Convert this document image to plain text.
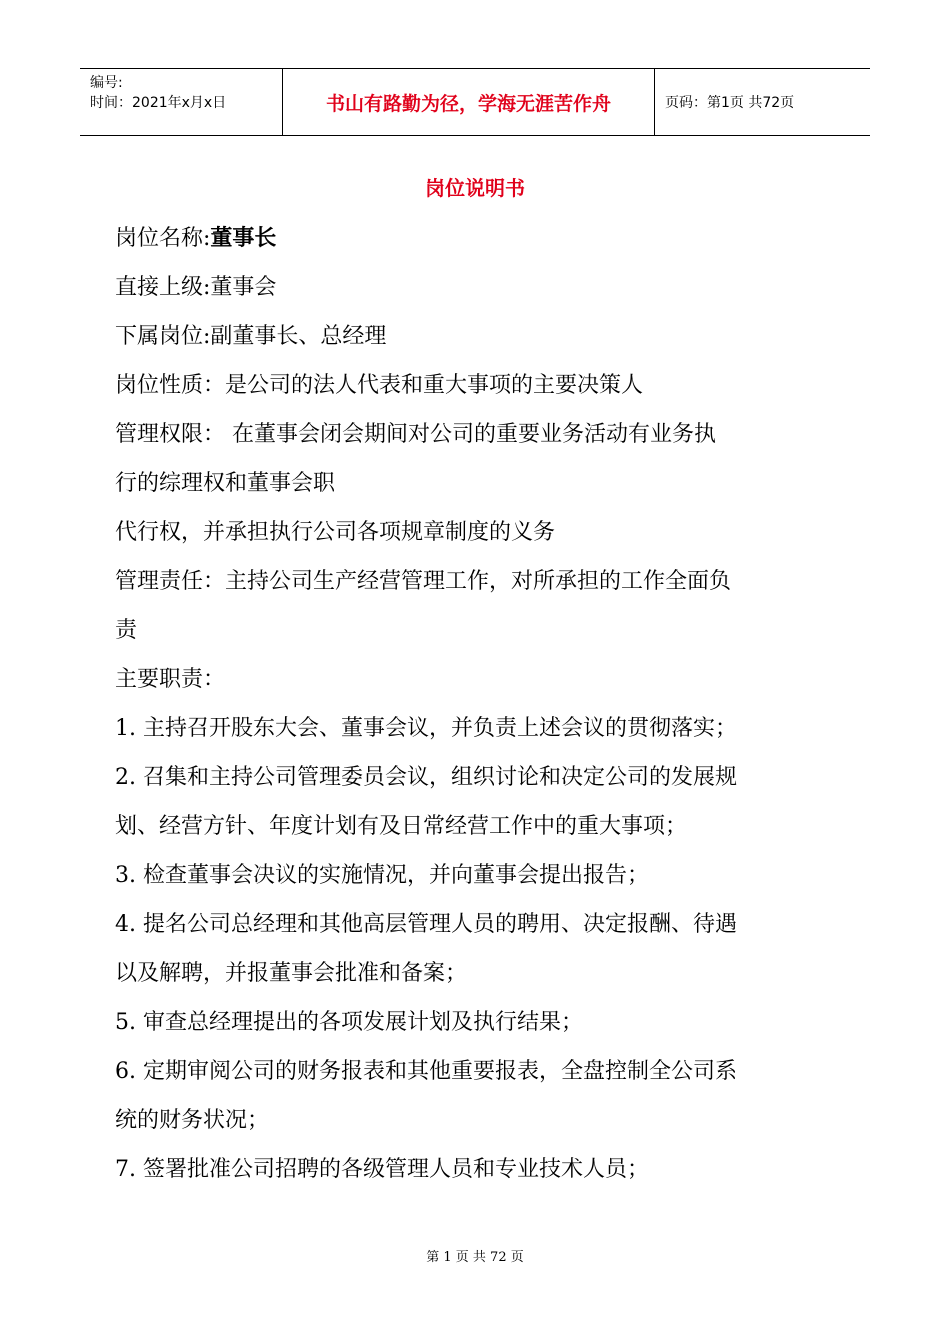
编号:
时间：2021年x月x日	书山有路勤为径，学海无涯苦作舟	页码：第1页 共72页
岗位说明书
岗位名称:董事长
直接上级:董事会
下属岗位:副董事长、总经理
岗位性质：是公司的法人代表和重大事项的主要决策人
管理权限： 在董事会闭会期间对公司的重要业务活动有业务执
行的综理权和董事会职
代行权，并承担执行公司各项规章制度的义务
管理责任：主持公司生产经营管理工作，对所承担的工作全面负
责
主要职责：
1. 主持召开股东大会、董事会议，并负责上述会议的贯彻落实；
2. 召集和主持公司管理委员会议，组织讨论和决定公司的发展规
划、经营方针、年度计划有及日常经营工作中的重大事项；
3. 检查董事会决议的实施情况，并向董事会提出报告；
4. 提名公司总经理和其他高层管理人员的聘用、决定报酬、待遇
以及解聘，并报董事会批准和备案；
5. 审查总经理提出的各项发展计划及执行结果；
6. 定期审阅公司的财务报表和其他重要报表，全盘控制全公司系
统的财务状况；
7. 签署批准公司招聘的各级管理人员和专业技术人员；
第 1 页 共 72 页
